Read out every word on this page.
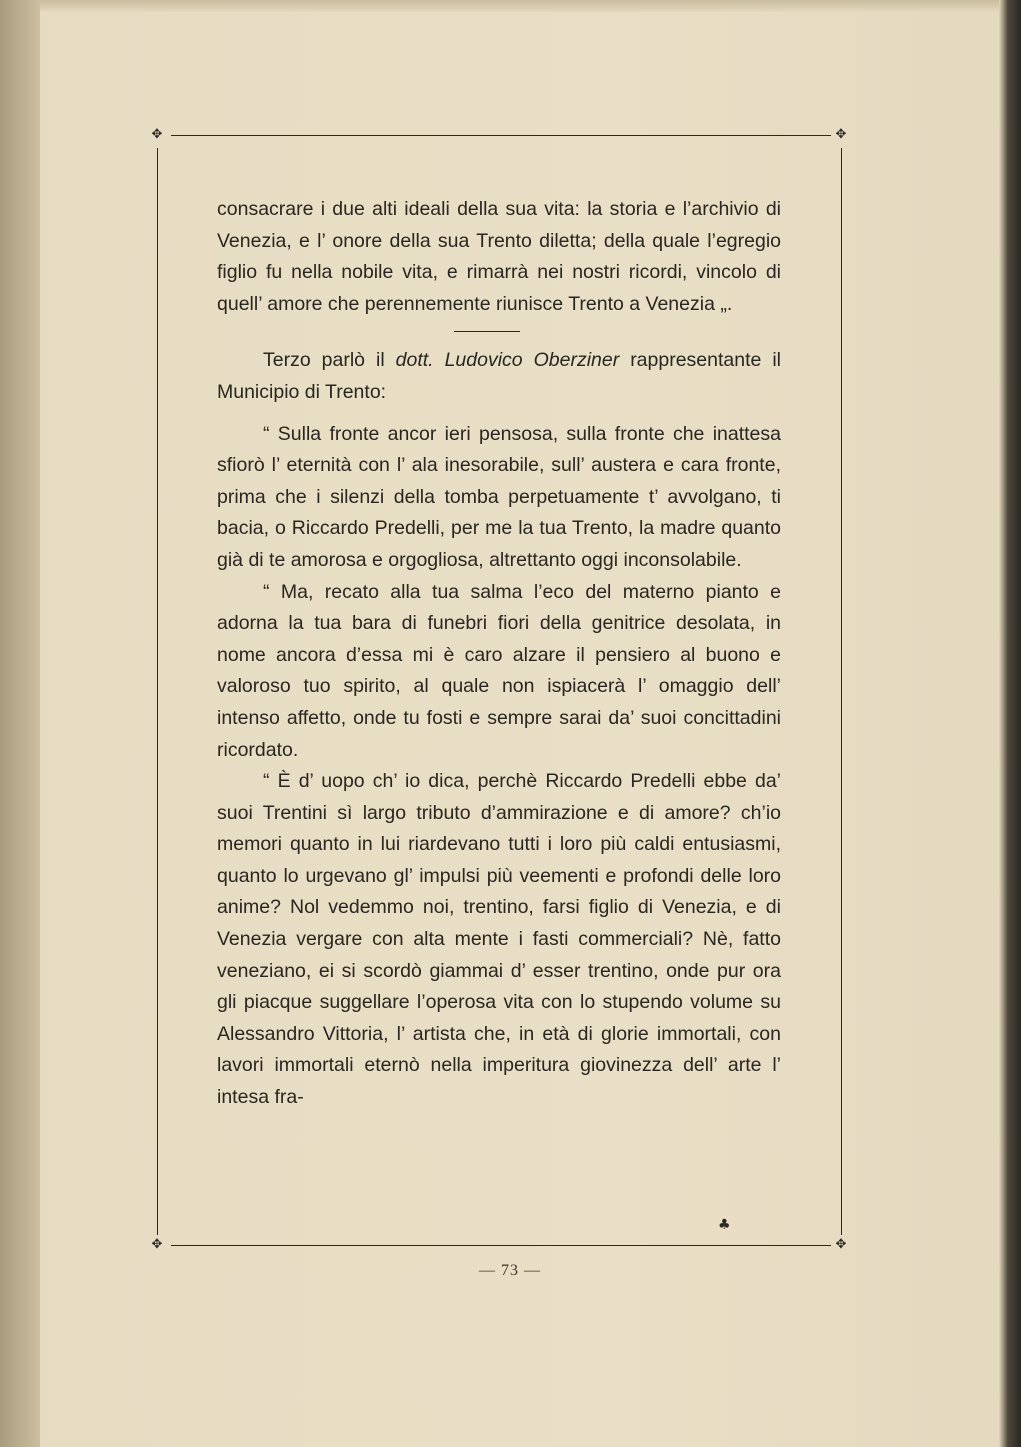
✥	✥
✥	✥

consacrare i due alti ideali della sua vita: la storia e l’archivio di Venezia, e l’ onore della sua Trento diletta; della quale l’egregio figlio fu nella nobile vita, e rimarrà nei nostri ricordi, vincolo di quell’ amore che perennemente riunisce Trento a Venezia „.

Terzo parlò il dott. Ludovico Oberziner rappresentante il Municipio di Trento:

“ Sulla fronte ancor ieri pensosa, sulla fronte che inattesa sfiorò l’ eternità con l’ ala inesorabile, sull’ austera e cara fronte, prima che i silenzi della tomba perpetuamente t’ avvolgano, ti bacia, o Riccardo Predelli, per me la tua Trento, la madre quanto già di te amorosa e orgogliosa, altrettanto oggi inconsolabile.

“ Ma, recato alla tua salma l’eco del materno pianto e adorna la tua bara di funebri fiori della genitrice desolata, in nome ancora d’essa mi è caro alzare il pensiero al buono e valoroso tuo spirito, al quale non ispiacerà l’ omaggio dell’ intenso affetto, onde tu fosti e sempre sarai da’ suoi concittadini ricordato.

“ È d’ uopo ch’ io dica, perchè Riccardo Predelli ebbe da’ suoi Trentini sì largo tributo d’ammirazione e di amore? ch’io memori quanto in lui riardevano tutti i loro più caldi entusiasmi, quanto lo urgevano gl’ impulsi più veementi e profondi delle loro anime? Nol vedemmo noi, trentino, farsi figlio di Venezia, e di Venezia vergare con alta mente i fasti commerciali? Nè, fatto veneziano, ei si scordò giammai d’ esser trentino, onde pur ora gli piacque suggellare l’operosa vita con lo stupendo volume su Alessandro Vittoria, l’ artista che, in età di glorie immortali, con lavori immortali eternò nella imperitura giovinezza dell’ arte l’ intesa fra-

♣
— 73 —
